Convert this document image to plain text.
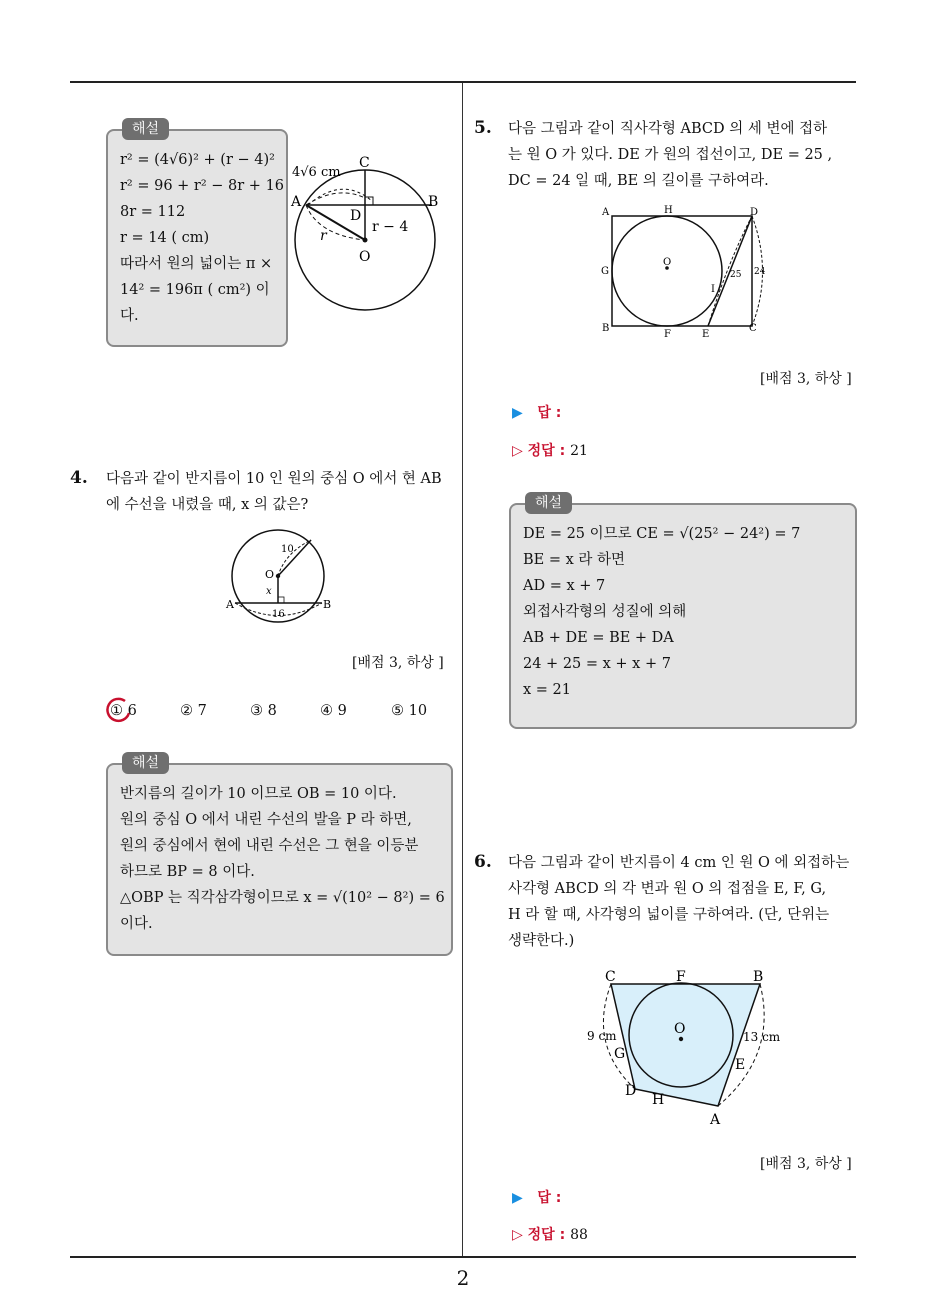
해설
r² = (4√6)² + (r − 4)²
r² = 96 + r² − 8r + 16
8r = 112
r = 14 ( cm)
따라서 원의 넓이는 π ×
14² = 196π ( cm²) 이
다.
4√6 cm
C
A	B
D
O
r
r − 4
4. 다음과 같이 반지름이 10 인 원의 중심 O 에서 현 AB
에 수선을 내렸을 때, x 의 값은?
10
O
x
A	B
16
[배점 3, 하상 ]
① 6	② 7	③ 8	④ 9	⑤ 10
해설
반지름의 길이가 10 이므로 OB = 10 이다.
원의 중심 O 에서 내린 수선의 발을 P 라 하면,
원의 중심에서 현에 내린 수선은 그 현을 이등분
하므로 BP = 8 이다.
△OBP 는 직각삼각형이므로 x = √(10² − 8²) = 6
이다.
5. 다음 그림과 같이 직사각형 ABCD 의 세 변에 접하
는 원 O 가 있다. DE 가 원의 접선이고, DE = 25 ,
DC = 24 일 때, BE 의 길이를 구하여라.
A	H	D
G
O
I
25 24
B
F	E
C
[배점 3, 하상 ]
▶ 답 :
▷ 정답 : 21
해설
DE = 25 이므로 CE = √(25² − 24²) = 7
BE = x 라 하면
AD = x + 7
외접사각형의 성질에 의해
AB + DE = BE + DA
24 + 25 = x + x + 7
x = 21
6. 다음 그림과 같이 반지름이 4 cm 인 원 O 에 외접하는
사각형 ABCD 의 각 변과 원 O 의 접점을 E, F, G,
H 라 할 때, 사각형의 넓이를 구하여라. (단, 단위는
생략한다.)
C	F	B
O
9 cm	13 cm
G
E
D
H
A
[배점 3, 하상 ]
▶ 답 :
▷ 정답 : 88
2
